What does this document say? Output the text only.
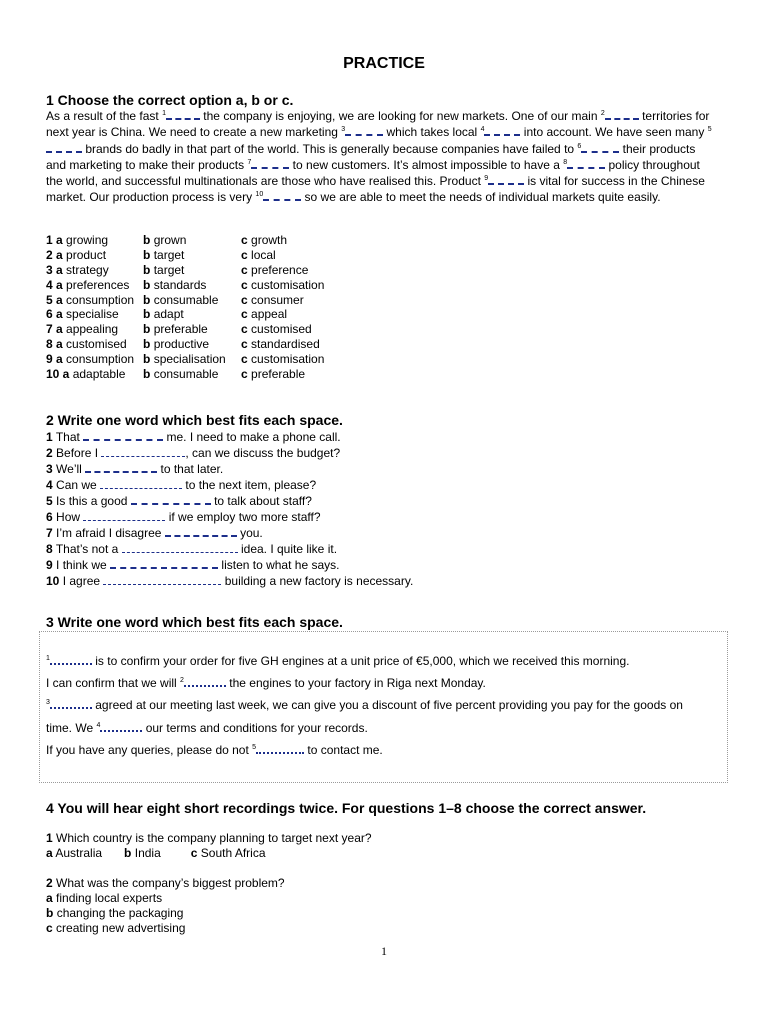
PRACTICE
1 Choose the correct option a, b or c.
As a result of the fast $^1$	the company is enjoying, we are looking for new markets. One of our main $^2$	territories for next year is China. We need to create a new marketing $^3$	which takes local $^4$	into account. We have seen many $^5$ brands do badly in that part of the world. This is generally because companies have failed to $^6$	their products and marketing to make their products $^7$	to new customers. It’s almost impossible to have a $^8$	policy throughout the world, and successful multinationals are those who have realised this. Product $^9$	is vital for success in the Chinese market. Our production process is very $^{10}$	so we are able to meet the needs of individual markets quite easily.
1 a growing	b grown	c growth
2 a product	b target	c local
3 a strategy	b target	c preference
4 a preferences	b standards	c customisation
5 a consumption b consumable	c consumer
6 a specialise	b adapt	c appeal
7 a appealing	b preferable	c customised
8 a customised	b productive	c standardised
9 a consumption b specialisation	c customisation
10 a adaptable	b consumable	c preferable
2 Write one word which best fits each space.
1 That	me. I need to make a phone call.
2 Before I	, can we discuss the budget?
3 We’ll	to that later.
4 Can we	to the next item, please?
5 Is this a good	to talk about staff?
6 How	if we employ two more staff?
7 I’m afraid I disagree	you.
8 That’s not a	idea. I quite like it.
9 I think we	listen to what he says.
10 I agree	building a new factory is necessary.
3 Write one word which best fits each space.
$^1$	is to confirm your order for five GH engines at a unit price of €5,000, which we received this morning.
I can confirm that we will $^2$	the engines to your factory in Riga next Monday.
$^3$	agreed at our meeting last week, we can give you a discount of five percent providing you pay for the goods on
time. We $^4$	our terms and conditions for your records.
If you have any queries, please do not $^5$	to contact me.
4 You will hear eight short recordings twice. For questions 1–8 choose the correct answer.
1 Which country is the company planning to target next year?
a Australia b India	c South Africa
2 What was the company’s biggest problem?
a finding local experts
b changing the packaging
c creating new advertising
1
